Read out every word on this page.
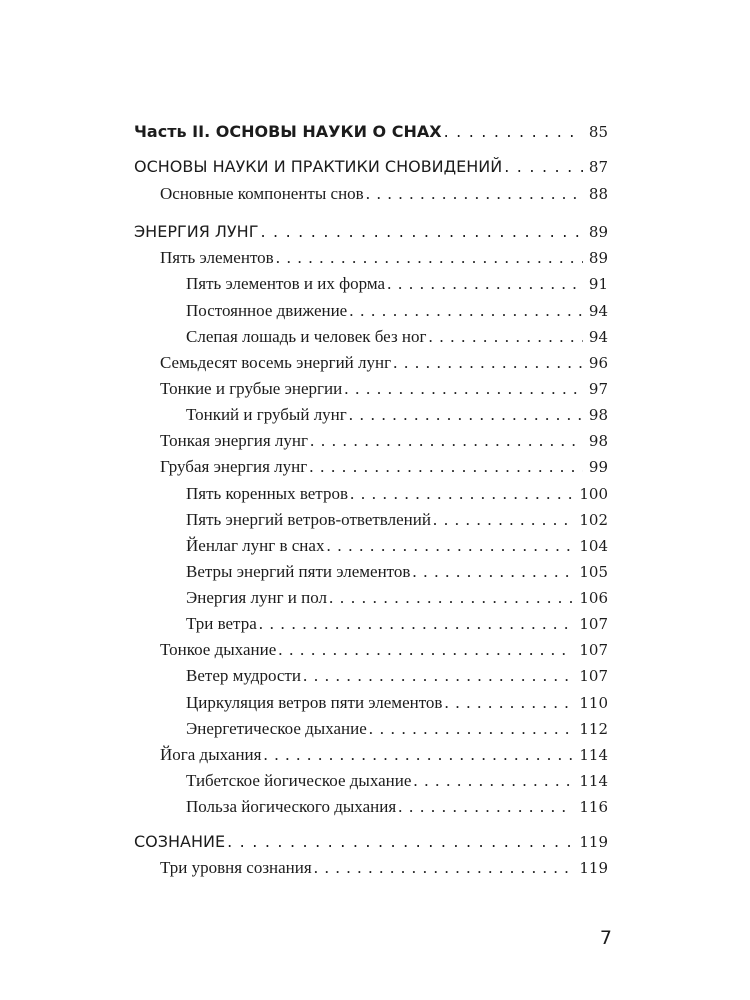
Часть II. ОСНОВЫ НАУКИ О СНАХ . . .	85
ОСНОВЫ НАУКИ И ПРАКТИКИ СНОВИДЕНИЙ . . .	87
Основные компоненты снов . . .	88
ЭНЕРГИЯ ЛУНГ . . .	89
Пять элементов . . .	89
Пять элементов и их форма . . .	91
Постоянное движение . . .	94
Слепая лошадь и человек без ног . . .	94
Семьдесят восемь энергий лунг . . .	96
Тонкие и грубые энергии . . .	97
Тонкий и грубый лунг . . .	98
Тонкая энергия лунг . . .	98
Грубая энергия лунг . . .	99
Пять коренных ветров . . .	100
Пять энергий ветров-ответвлений . . .	102
Йенлаг лунг в снах . . .	104
Ветры энергий пяти элементов . . .	105
Энергия лунг и пол . . .	106
Три ветра . . .	107
Тонкое дыхание . . .	107
Ветер мудрости . . .	107
Циркуляция ветров пяти элементов . . .	110
Энергетическое дыхание . . .	112
Йога дыхания . . .	114
Тибетское йогическое дыхание . . .	114
Польза йогического дыхания . . .	116
СОЗНАНИЕ . . .	119
Три уровня сознания . . .	119
7
